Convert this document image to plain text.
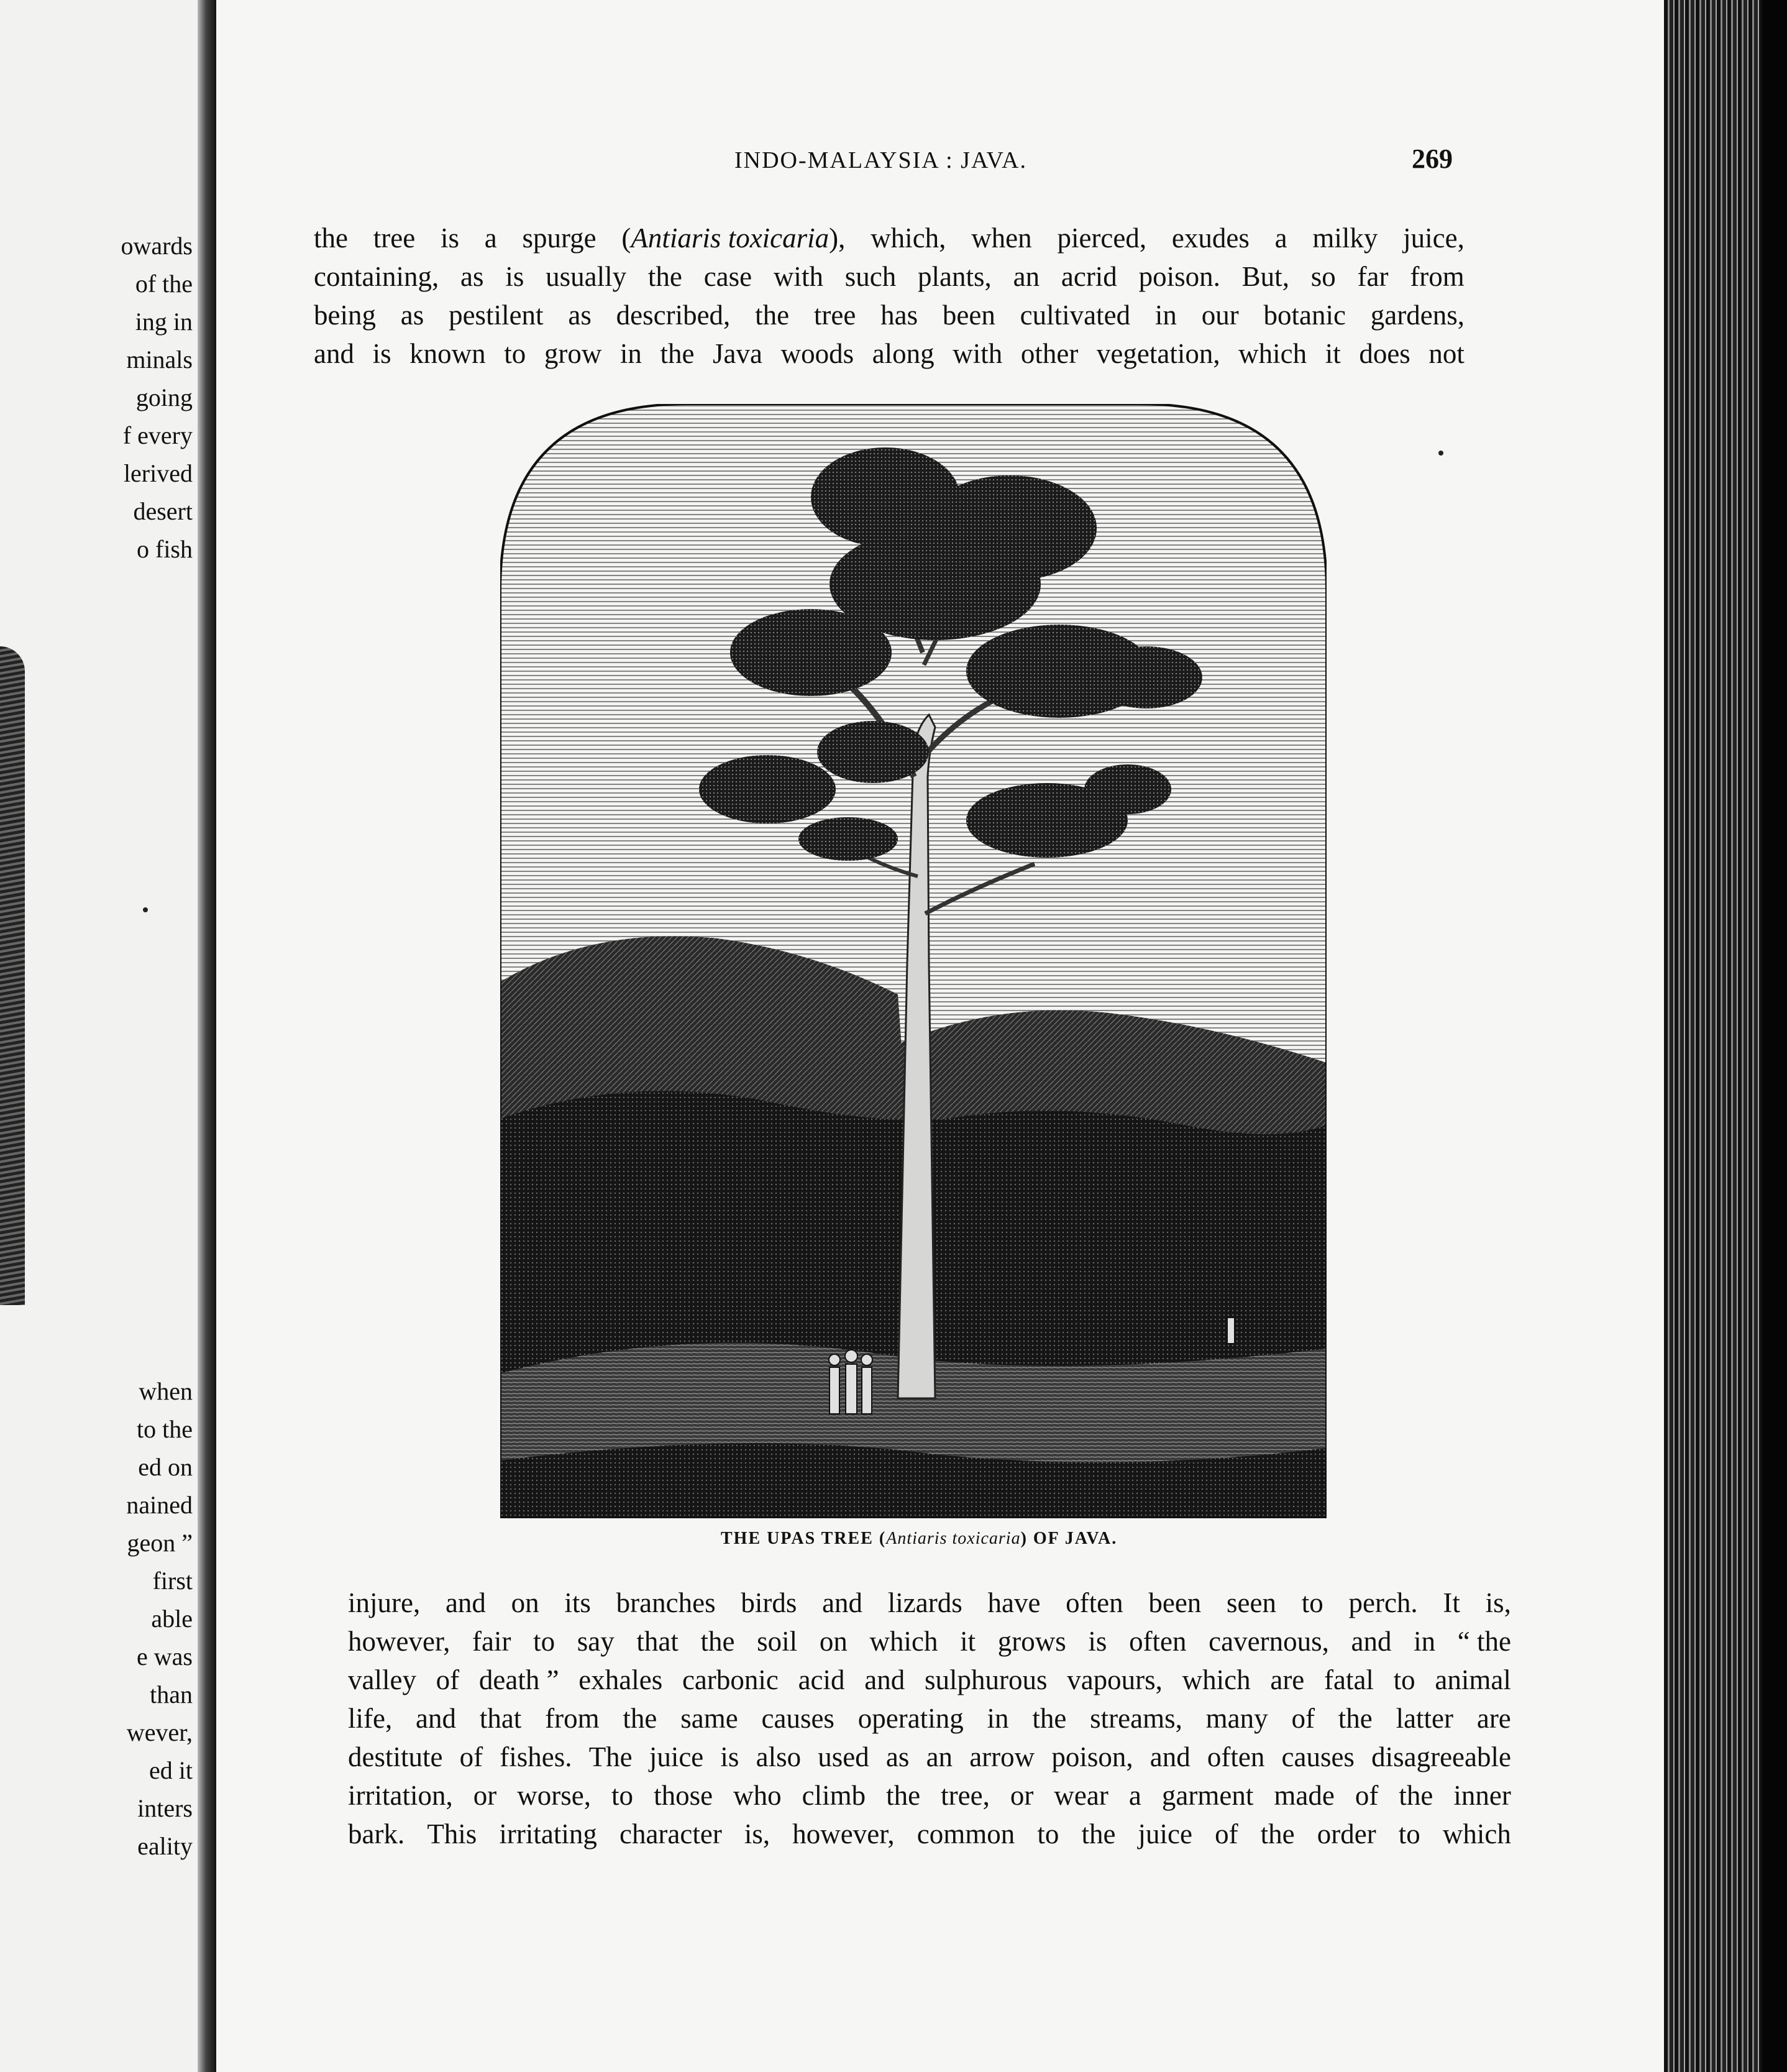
owards
of the
ing in
minals
going
f every
lerived
desert
o fish
when
to the
ed on
nained
geon ”
first
able
e was
than
wever,
ed it
inters
eality
INDO-MALAYSIA : JAVA.	269
the tree is a spurge (Antiaris toxicaria), which, when pierced, exudes a milky juice,
containing, as is usually the case with such plants, an acrid poison. But, so far from
being as pestilent as described, the tree has been cultivated in our botanic gardens,
and is known to grow in the Java woods along with other vegetation, which it does not
THE UPAS TREE (Antiaris toxicaria) OF JAVA.
injure, and on its branches birds and lizards have often been seen to perch. It is,
however, fair to say that the soil on which it grows is often cavernous, and in “ the
valley of death ” exhales carbonic acid and sulphurous vapours, which are fatal to animal
life, and that from the same causes operating in the streams, many of the latter are
destitute of fishes. The juice is also used as an arrow poison, and often causes disagreeable
irritation, or worse, to those who climb the tree, or wear a garment made of the inner
bark. This irritating character is, however, common to the juice of the order to which
